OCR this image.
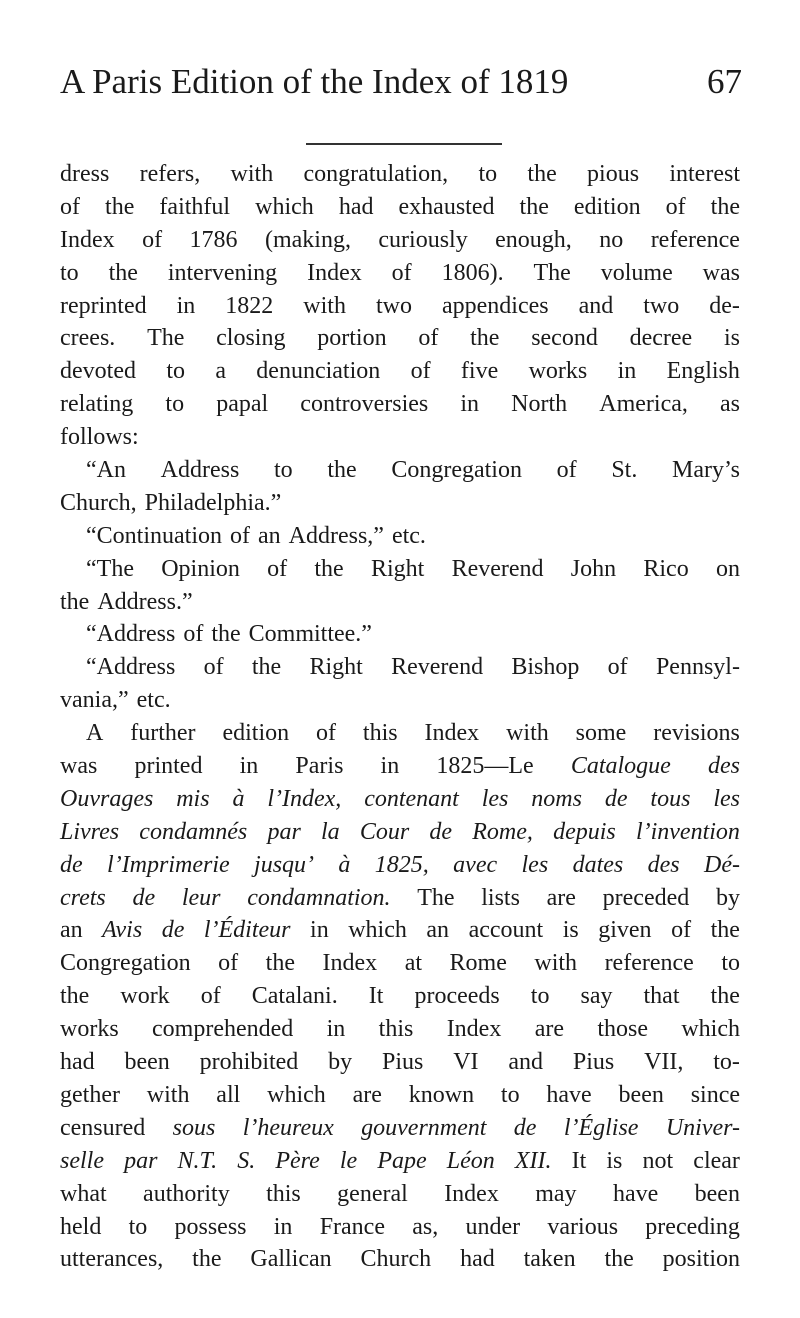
A Paris Edition of the Index of 1819	67
dress refers, with congratulation, to the pious interest
of the faithful which had exhausted the edition of the
Index of 1786 (making, curiously enough, no reference
to the intervening Index of 1806). The volume was
reprinted in 1822 with two appendices and two de-
crees. The closing portion of the second decree is
devoted to a denunciation of five works in English
relating to papal controversies in North America, as
follows:
“An Address to the Congregation of St. Mary’s
Church, Philadelphia.”
“Continuation of an Address,” etc.
“The Opinion of the Right Reverend John Rico on
the Address.”
“Address of the Committee.”
“Address of the Right Reverend Bishop of Pennsyl-
vania,” etc.
A further edition of this Index with some revisions
was printed in Paris in 1825—Le Catalogue des
Ouvrages mis à l’Index, contenant les noms de tous les
Livres condamnés par la Cour de Rome, depuis l’invention
de l’Imprimerie jusqu’ à 1825, avec les dates des Dé-
crets de leur condamnation. The lists are preceded by
an Avis de l’Éditeur in which an account is given of the
Congregation of the Index at Rome with reference to
the work of Catalani. It proceeds to say that the
works comprehended in this Index are those which
had been prohibited by Pius VI and Pius VII, to-
gether with all which are known to have been since
censured sous l’heureux gouvernment de l’Église Univer-
selle par N.T. S. Père le Pape Léon XII. It is not clear
what authority this general Index may have been
held to possess in France as, under various preceding
utterances, the Gallican Church had taken the position
